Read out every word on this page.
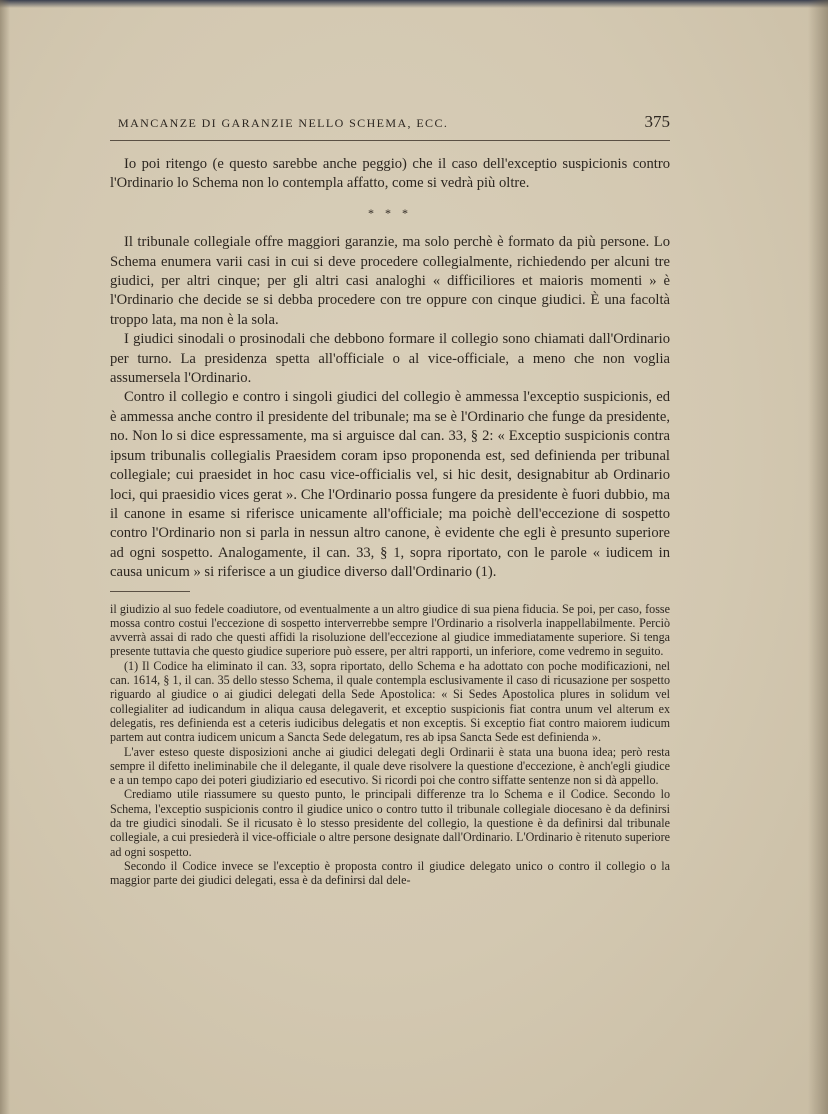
MANCANZE DI GARANZIE NELLO SCHEMA, ECC.	375

Io poi ritengo (e questo sarebbe anche peggio) che il caso dell'exceptio suspicionis contro l'Ordinario lo Schema non lo contempla affatto, come si vedrà più oltre.

* * *

Il tribunale collegiale offre maggiori garanzie, ma solo perchè è formato da più persone. Lo Schema enumera varii casi in cui si deve procedere collegialmente, richiedendo per alcuni tre giudici, per altri cinque; per gli altri casi analoghi « difficiliores et maioris momenti » è l'Ordinario che decide se si debba procedere con tre oppure con cinque giudici. È una facoltà troppo lata, ma non è la sola.

I giudici sinodali o prosinodali che debbono formare il collegio sono chiamati dall'Ordinario per turno. La presidenza spetta all'officiale o al vice-officiale, a meno che non voglia assumersela l'Ordinario.

Contro il collegio e contro i singoli giudici del collegio è ammessa l'exceptio suspicionis, ed è ammessa anche contro il presidente del tribunale; ma se è l'Ordinario che funge da presidente, no. Non lo si dice espressamente, ma si arguisce dal can. 33, § 2: « Exceptio suspicionis contra ipsum tribunalis collegialis Praesidem coram ipso proponenda est, sed definienda per tribunal collegiale; cui praesidet in hoc casu vice-officialis vel, si hic desit, designabitur ab Ordinario loci, qui praesidio vices gerat ». Che l'Ordinario possa fungere da presidente è fuori dubbio, ma il canone in esame si riferisce unicamente all'officiale; ma poichè dell'eccezione di sospetto contro l'Ordinario non si parla in nessun altro canone, è evidente che egli è presunto superiore ad ogni sospetto. Analogamente, il can. 33, § 1, sopra riportato, con le parole « iudicem in causa unicum » si riferisce a un giudice diverso dall'Ordinario (1).

il giudizio al suo fedele coadiutore, od eventualmente a un altro giudice di sua piena fiducia. Se poi, per caso, fosse mossa contro costui l'eccezione di sospetto interverrebbe sempre l'Ordinario a risolverla inappellabilmente. Perciò avverrà assai di rado che questi affidi la risoluzione dell'eccezione al giudice immediatamente superiore. Si tenga presente tuttavia che questo giudice superiore può essere, per altri rapporti, un inferiore, come vedremo in seguito.

(1) Il Codice ha eliminato il can. 33, sopra riportato, dello Schema e ha adottato con poche modificazioni, nel can. 1614, § 1, il can. 35 dello stesso Schema, il quale contempla esclusivamente il caso di ricusazione per sospetto riguardo al giudice o ai giudici delegati della Sede Apostolica: « Si Sedes Apostolica plures in solidum vel collegialiter ad iudicandum in aliqua causa delegaverit, et exceptio suspicionis fiat contra unum vel alterum ex delegatis, res definienda est a ceteris iudicibus delegatis et non exceptis. Si exceptio fiat contro maiorem iudicum partem aut contra iudicem unicum a Sancta Sede delegatum, res ab ipsa Sancta Sede est definienda ».

L'aver esteso queste disposizioni anche ai giudici delegati degli Ordinarii è stata una buona idea; però resta sempre il difetto ineliminabile che il delegante, il quale deve risolvere la questione d'eccezione, è anch'egli giudice e a un tempo capo dei poteri giudiziario ed esecutivo. Si ricordi poi che contro siffatte sentenze non si dà appello.

Crediamo utile riassumere su questo punto, le principali differenze tra lo Schema e il Codice. Secondo lo Schema, l'exceptio suspicionis contro il giudice unico o contro tutto il tribunale collegiale diocesano è da definirsi da tre giudici sinodali. Se il ricusato è lo stesso presidente del collegio, la questione è da definirsi dal tribunale collegiale, a cui presiederà il vice-officiale o altre persone designate dall'Ordinario. L'Ordinario è ritenuto superiore ad ogni sospetto.

Secondo il Codice invece se l'exceptio è proposta contro il giudice delegato unico o contro il collegio o la maggior parte dei giudici delegati, essa è da definirsi dal dele-
